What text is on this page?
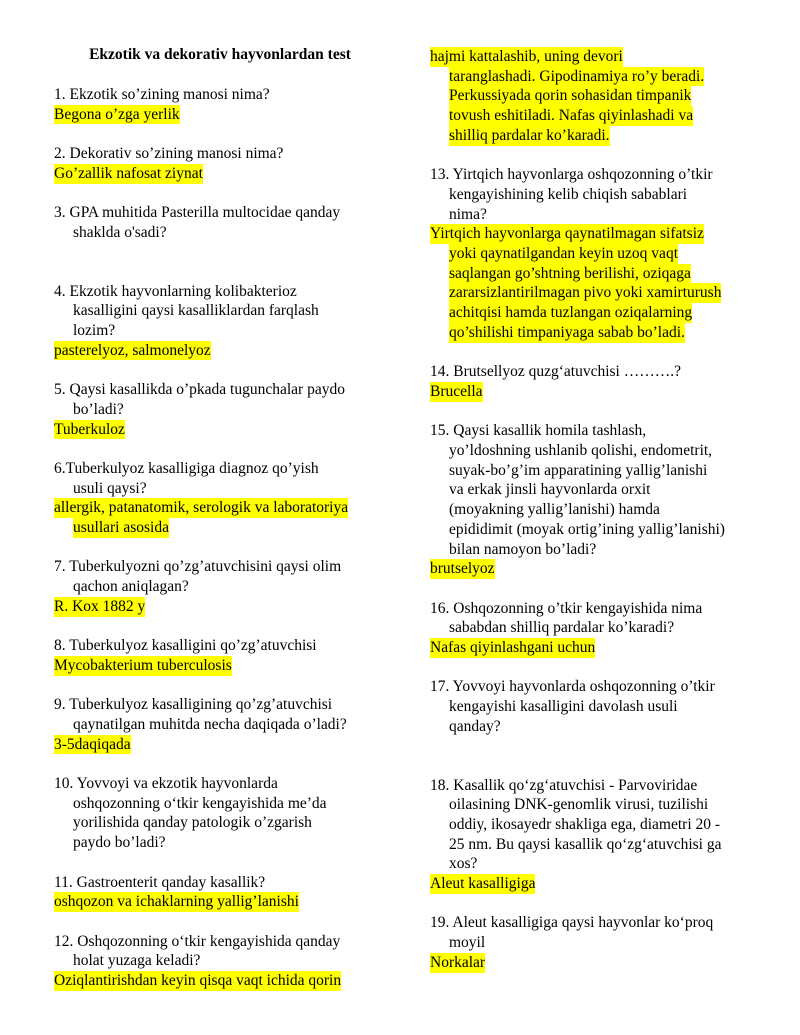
Ekzotik va dekorativ hayvonlardan test
1. Ekzotik so’zining manosi nima?
Begona o’zga yerlik
2. Dekorativ so’zining manosi nima?
Go’zallik nafosat ziynat
3. GPA muhitida Pasterilla multocidae qanday
shaklda o'sadi?
4. Ekzotik hayvonlarning kolibakterioz
kasalligini qaysi kasalliklardan farqlash
lozim?
pasterelyoz, salmonelyoz
5. Qaysi kasallikda o’pkada tugunchalar paydo
bo’ladi?
Tuberkuloz
6.Tuberkulyoz kasalligiga diagnoz qo’yish
usuli qaysi?
allergik, patanatomik, serologik va laboratoriya
usullari asosida
7. Tuberkulyozni qo’zg’atuvchisini qaysi olim
qachon aniqlagan?
R. Kox 1882 y
8. Tuberkulyoz kasalligini qo’zg’atuvchisi
Mycobakterium tuberculosis
9. Tuberkulyoz kasalligining qo’zg’atuvchisi
qaynatilgan muhitda necha daqiqada o’ladi?
3-5daqiqada
10. Yovvoyi va ekzotik hayvonlarda
oshqozonning o‘tkir kengayishida me’da
yorilishida qanday patologik o’zgarish
paydo bo’ladi?
11. Gastroenterit qanday kasallik?
oshqozon va ichaklarning yallig’lanishi
12. Oshqozonning o‘tkir kengayishida qanday
holat yuzaga keladi?
Oziqlantirishdan keyin qisqa vaqt ichida qorin
hajmi kattalashib, uning devori
taranglashadi. Gipodinamiya ro’y beradi.
Perkussiyada qorin sohasidan timpanik
tovush eshitiladi. Nafas qiyinlashadi va
shilliq pardalar ko’karadi.
13. Yirtqich hayvonlarga oshqozonning o’tkir
kengayishining kelib chiqish sabablari
nima?
Yirtqich hayvonlarga qaynatilmagan sifatsiz
yoki qaynatilgandan keyin uzoq vaqt
saqlangan go’shtning berilishi, oziqaga
zararsizlantirilmagan pivo yoki xamirturush
achitqisi hamda tuzlangan oziqalarning
qo’shilishi timpaniyaga sabab bo’ladi.
14. Brutsellyoz quzg‘atuvchisi ……….?
Brucella
15. Qaysi kasallik homila tashlash,
yo’ldoshning ushlanib qolishi, endometrit,
suyak-bo’g’im apparatining yallig’lanishi
va erkak jinsli hayvonlarda orxit
(moyakning yallig’lanishi) hamda
epididimit (moyak ortig’ining yallig’lanishi)
bilan namoyon bo’ladi?
brutselyoz
16. Oshqozonning o’tkir kengayishida nima
sababdan shilliq pardalar ko’karadi?
Nafas qiyinlashgani uchun
17. Yovvoyi hayvonlarda oshqozonning o’tkir
kengayishi kasalligini davolash usuli
qanday?
18. Kasallik qo‘zg‘atuvchisi - Parvoviridae
oilasining DNK-genomlik virusi, tuzilishi
oddiy, ikosayedr shakliga ega, diametri 20 -
25 nm. Bu qaysi kasallik qo‘zg‘atuvchisi ga
xos?
Aleut kasalligiga
19. Aleut kasalligiga qaysi hayvonlar ko‘proq
moyil
Norkalar
